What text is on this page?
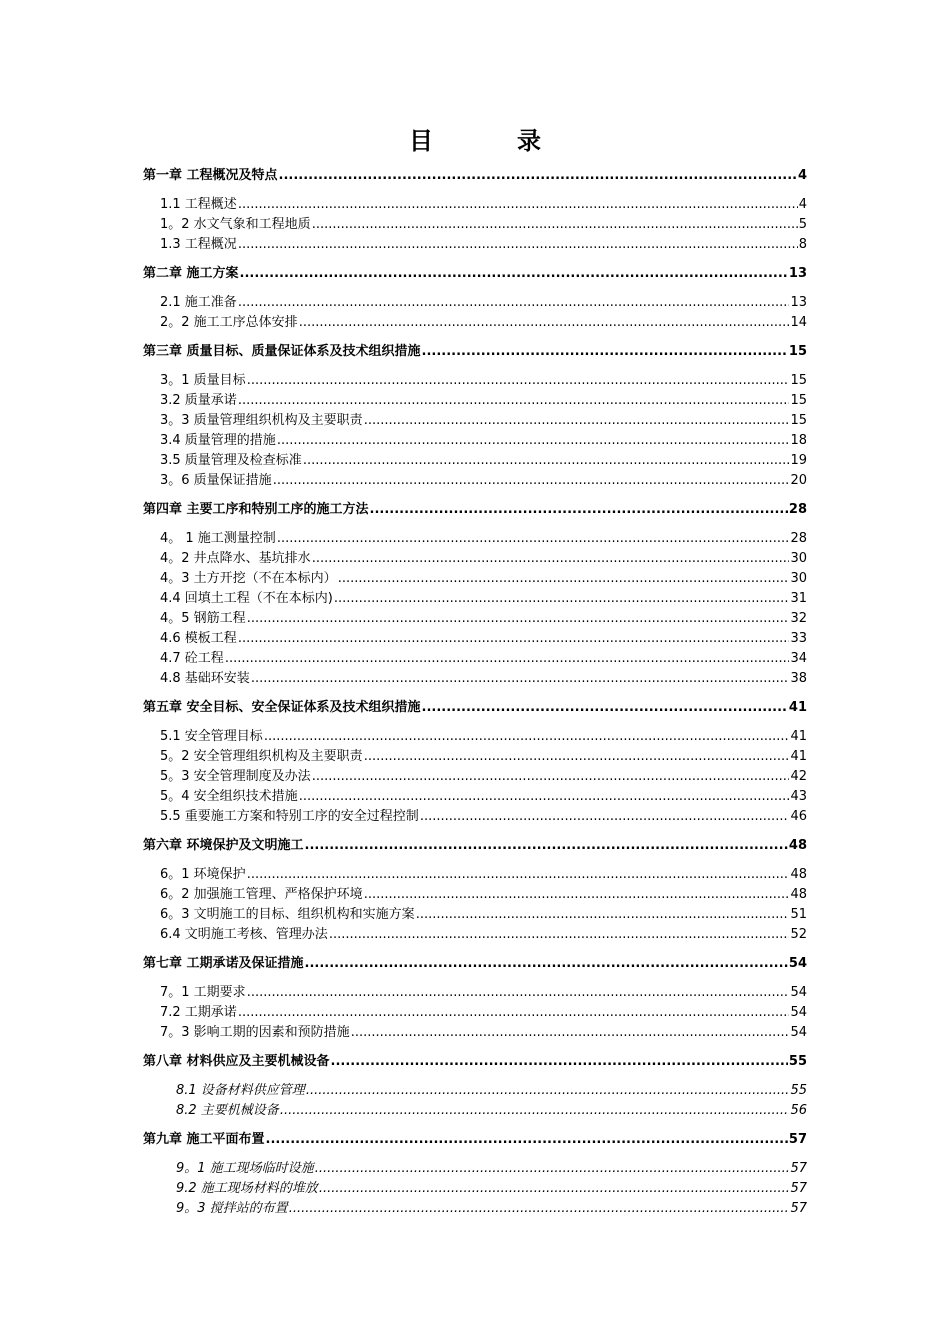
目　录
第一章 工程概况及特点 .....	4
1.1 工程概述 .....	4
1。2 水文气象和工程地质 .....	5
1.3 工程概况 .....	8
第二章 施工方案 .....	13
2.1 施工准备 .....	13
2。2 施工工序总体安排 .....	14
第三章 质量目标、质量保证体系及技术组织措施 .....	15
3。1 质量目标 .....	15
3.2 质量承诺 .....	15
3。3 质量管理组织机构及主要职责 .....	15
3.4 质量管理的措施 .....	18
3.5 质量管理及检查标准 .....	19
3。6 质量保证措施 .....	20
第四章 主要工序和特别工序的施工方法 .....	28
4。 1 施工测量控制 .....	28
4。2 井点降水、基坑排水 .....	30
4。3 土方开挖（不在本标内） .....	30
4.4 回填土工程（不在本标内) .....	31
4。5 钢筋工程 .....	32
4.6 模板工程 .....	33
4.7 砼工程 .....	34
4.8 基础环安装 .....	38
第五章 安全目标、安全保证体系及技术组织措施 .....	41
5.1 安全管理目标 .....	41
5。2 安全管理组织机构及主要职责 .....	41
5。3 安全管理制度及办法 .....	42
5。4 安全组织技术措施 .....	43
5.5 重要施工方案和特别工序的安全过程控制 .....	46
第六章 环境保护及文明施工 .....	48
6。1 环境保护 .....	48
6。2 加强施工管理、严格保护环境 .....	48
6。3 文明施工的目标、组织机构和实施方案 .....	51
6.4 文明施工考核、管理办法 .....	52
第七章 工期承诺及保证措施 .....	54
7。1 工期要求 .....	54
7.2 工期承诺 .....	54
7。3 影响工期的因素和预防措施 .....	54
第八章 材料供应及主要机械设备 .....	55
8.1 设备材料供应管理 .....	55
8.2 主要机械设备 .....	56
第九章 施工平面布置 .....	57
9。1 施工现场临时设施 .....	57
9.2 施工现场材料的堆放 .....	57
9。3 搅拌站的布置 .....	57
